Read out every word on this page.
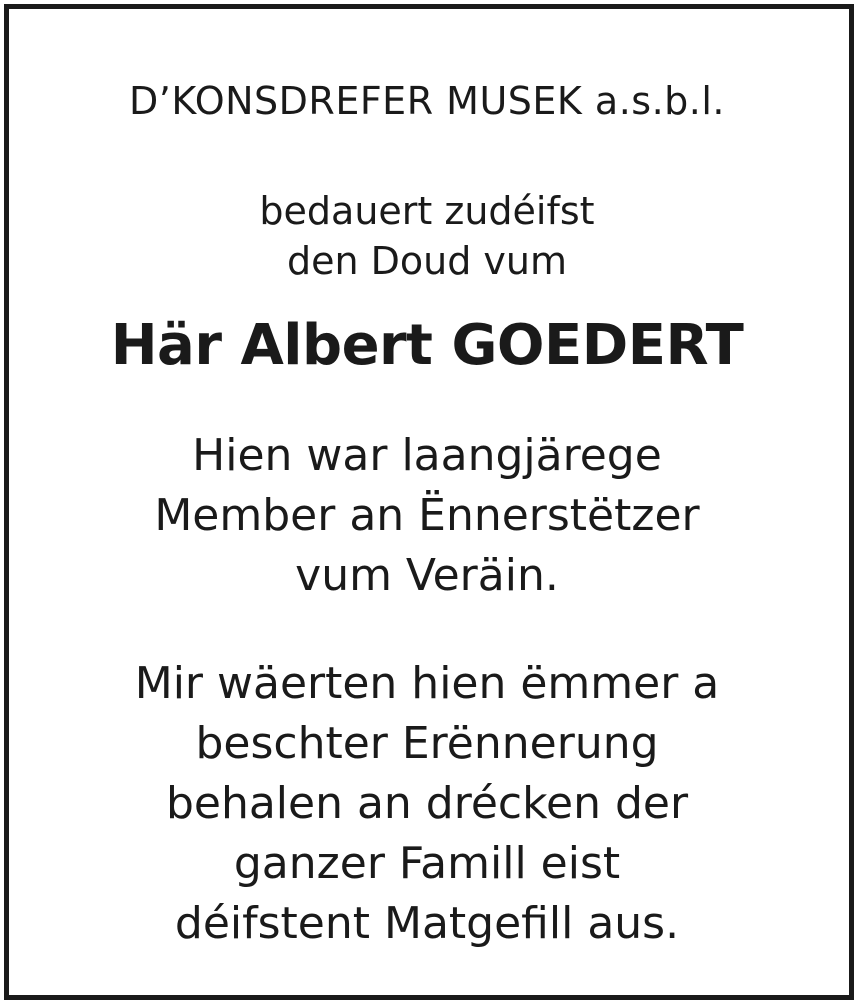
D’KONSDREFER MUSEK a.s.b.l.
bedauert zudéifst
den Doud vum
Här Albert GOEDERT
Hien war laangjärege
Member an Ënnerstëtzer
vum Veräin.
Mir wäerten hien ëmmer a
beschter Erënnerung
behalen an drécken der
ganzer Famill eist
déifstent Matgefill aus.
